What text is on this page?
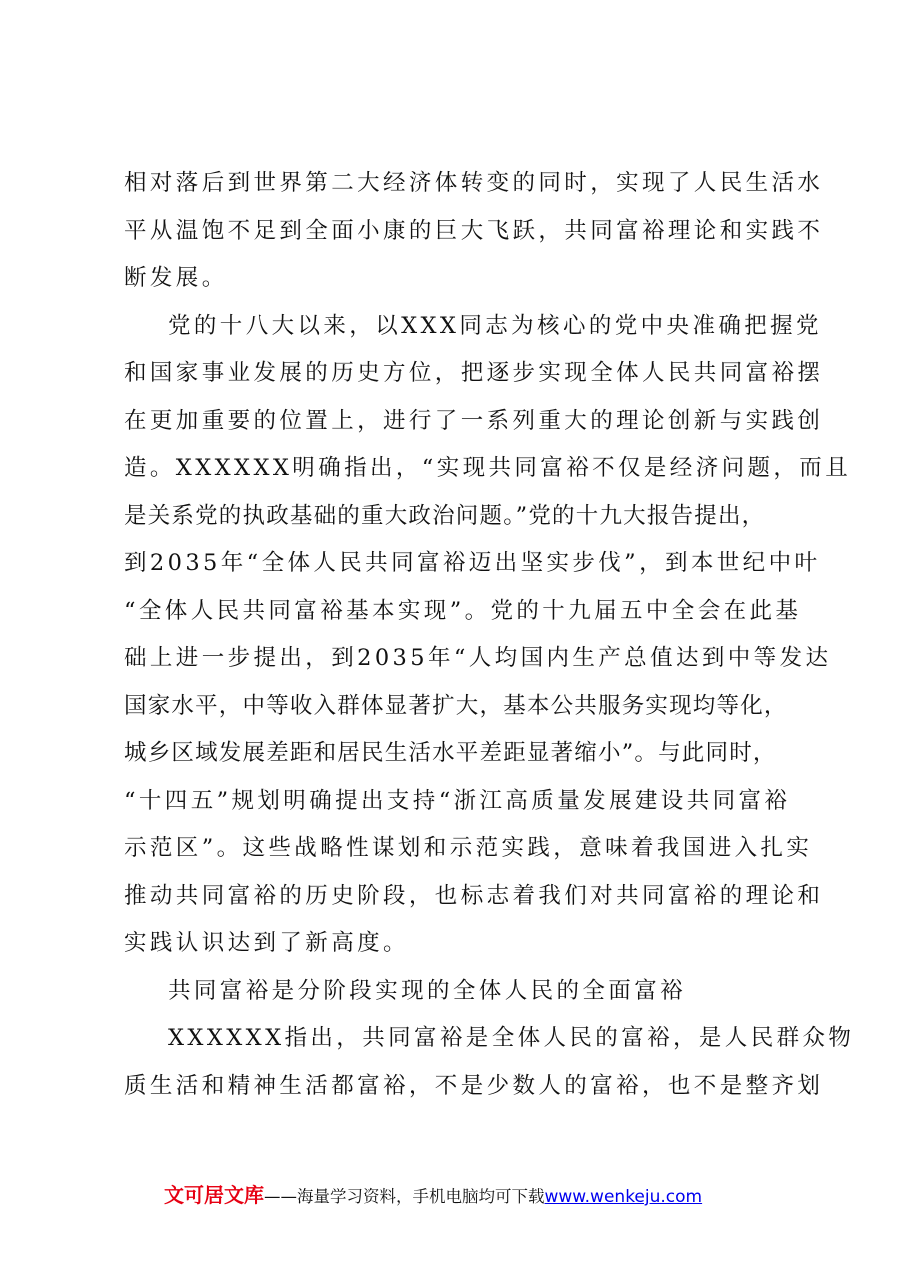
相对落后到世界第二大经济体转变的同时，实现了人民生活水
平从温饱不足到全面小康的巨大飞跃，共同富裕理论和实践不
断发展。
党的十八大以来，以XXX同志为核心的党中央准确把握党
和国家事业发展的历史方位，把逐步实现全体人民共同富裕摆
在更加重要的位置上，进行了一系列重大的理论创新与实践创
造。XXXXXX明确指出，“实现共同富裕不仅是经济问题，而且
是关系党的执政基础的重大政治问题。”党的十九大报告提出，
到2035年“全体人民共同富裕迈出坚实步伐”，到本世纪中叶
“全体人民共同富裕基本实现”。党的十九届五中全会在此基
础上进一步提出，到2035年“人均国内生产总值达到中等发达
国家水平，中等收入群体显著扩大，基本公共服务实现均等化，
城乡区域发展差距和居民生活水平差距显著缩小”。与此同时，
“十四五”规划明确提出支持“浙江高质量发展建设共同富裕
示范区”。这些战略性谋划和示范实践，意味着我国进入扎实
推动共同富裕的历史阶段，也标志着我们对共同富裕的理论和
实践认识达到了新高度。
共同富裕是分阶段实现的全体人民的全面富裕
XXXXXX指出，共同富裕是全体人民的富裕，是人民群众物
质生活和精神生活都富裕，不是少数人的富裕，也不是整齐划
文可居文库——海量学习资料，手机电脑均可下载www.wenkeju.com
